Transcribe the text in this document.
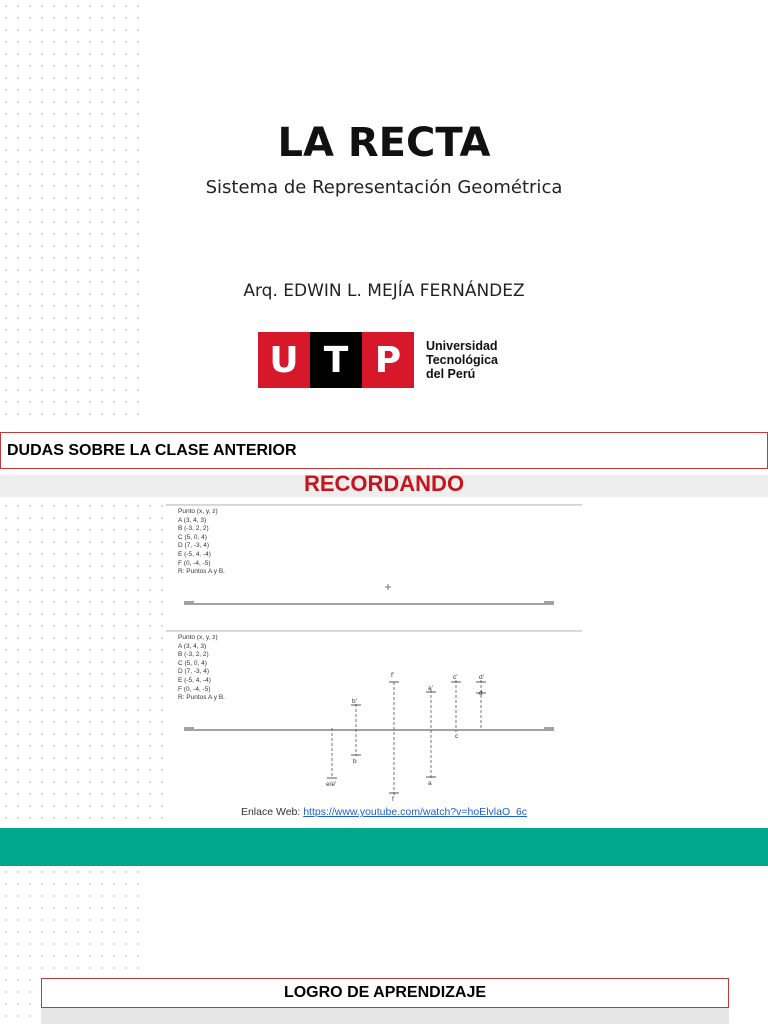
LA RECTA
Sistema de Representación Geométrica
Arq. EDWIN L. MEJÍA FERNÁNDEZ
U T P	Universidad
Tecnológica
del Perú
DUDAS SOBRE LA CLASE ANTERIOR
RECORDANDO
Punto (x, y, z)
A (3, 4, 3)
B (-3, 2, 2)
C (5, 0, 4)
D (7, -3, 4)
E (-5, 4, -4)
F (0, -4, -5)
R: Puntos A y B.
Punto (x, y, z)
A (3, 4, 3)
B (-3, 2, 2)
C (5, 0, 4)
D (7, -3, 4)
E (-5, 4, -4)
F (0, -4, -5)
R: Puntos A y B.
f'
b'
a'
c'	d'
d
b
c
e/e'	a
f
Enlace Web: https://www.youtube.com/watch?v=hoElvlaO_6c
LOGRO DE APRENDIZAJE
